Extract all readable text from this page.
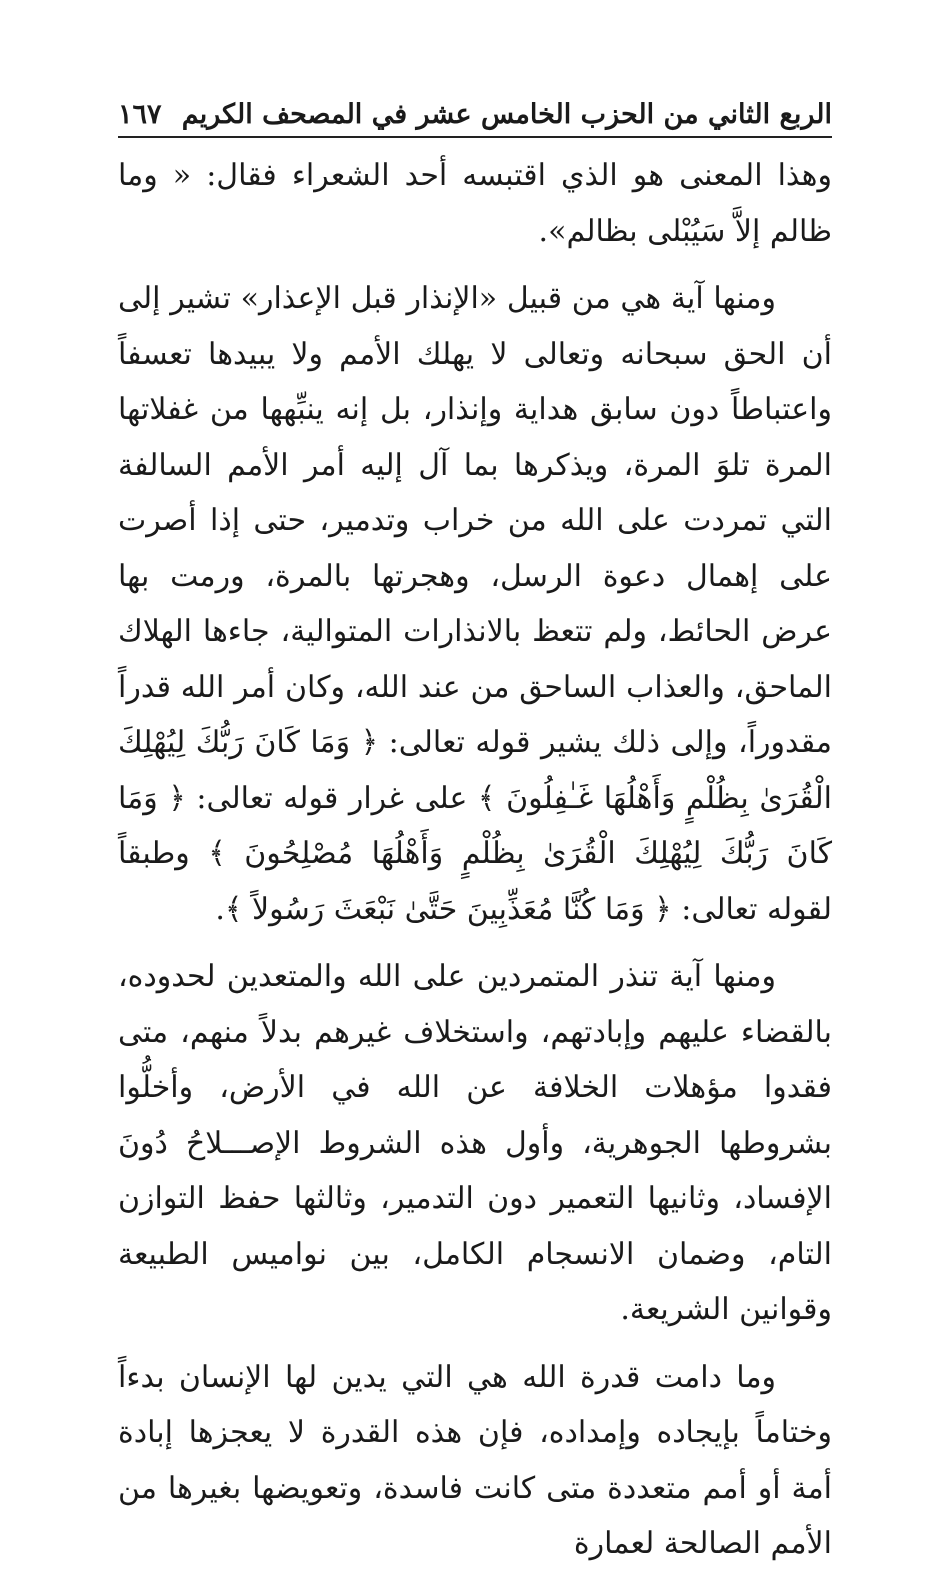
الربع الثاني من الحزب الخامس عشر في المصحف الكريم
١٦٧

وهذا المعنى هو الذي اقتبسه أحد الشعراء فقال: « وما ظالم إلاَّ سَيُبْلى بظالم».

ومنها آية هي من قبيل «الإنذار قبل الإعذار» تشير إلى أن الحق سبحانه وتعالى لا يهلك الأمم ولا يبيدها تعسفاً واعتباطاً دون سابق هداية وإنذار، بل إنه ينبِّهها من غفلاتها المرة تلوَ المرة، ويذكرها بما آل إليه أمر الأمم السالفة التي تمردت على الله من خراب وتدمير، حتى إذا أصرت على إهمال دعوة الرسل، وهجرتها بالمرة، ورمت بها عرض الحائط، ولم تتعظ بالانذارات المتوالية، جاءها الهلاك الماحق، والعذاب الساحق من عند الله، وكان أمر الله قدراً مقدوراً، وإلى ذلك يشير قوله تعالى: ﴿ وَمَا كَانَ رَبُّكَ لِيُهْلِكَ الْقُرَىٰ بِظُلْمٍ وَأَهْلُهَا غَـٰفِلُونَ ﴾ على غرار قوله تعالى: ﴿ وَمَا كَانَ رَبُّكَ لِيُهْلِكَ الْقُرَىٰ بِظُلْمٍ وَأَهْلُهَا مُصْلِحُونَ ﴾ وطبقاً لقوله تعالى: ﴿ وَمَا كُنَّا مُعَذِّبِينَ حَتَّىٰ نَبْعَثَ رَسُولاً ﴾.

ومنها آية تنذر المتمردين على الله والمتعدين لحدوده، بالقضاء عليهم وإبادتهم، واستخلاف غيرهم بدلاً منهم، متى فقدوا مؤهلات الخلافة عن الله في الأرض، وأخلُّوا بشروطها الجوهرية، وأول هذه الشروط الإصـــلاحُ دُونَ الإفساد، وثانيها التعمير دون التدمير، وثالثها حفظ التوازن التام، وضمان الانسجام الكامل، بين نواميس الطبيعة وقوانين الشريعة.

وما دامت قدرة الله هي التي يدين لها الإنسان بدءاً وختاماً بإيجاده وإمداده، فإن هذه القدرة لا يعجزها إبادة أمة أو أمم متعددة متى كانت فاسدة، وتعويضها بغيرها من الأمم الصالحة لعمارة
